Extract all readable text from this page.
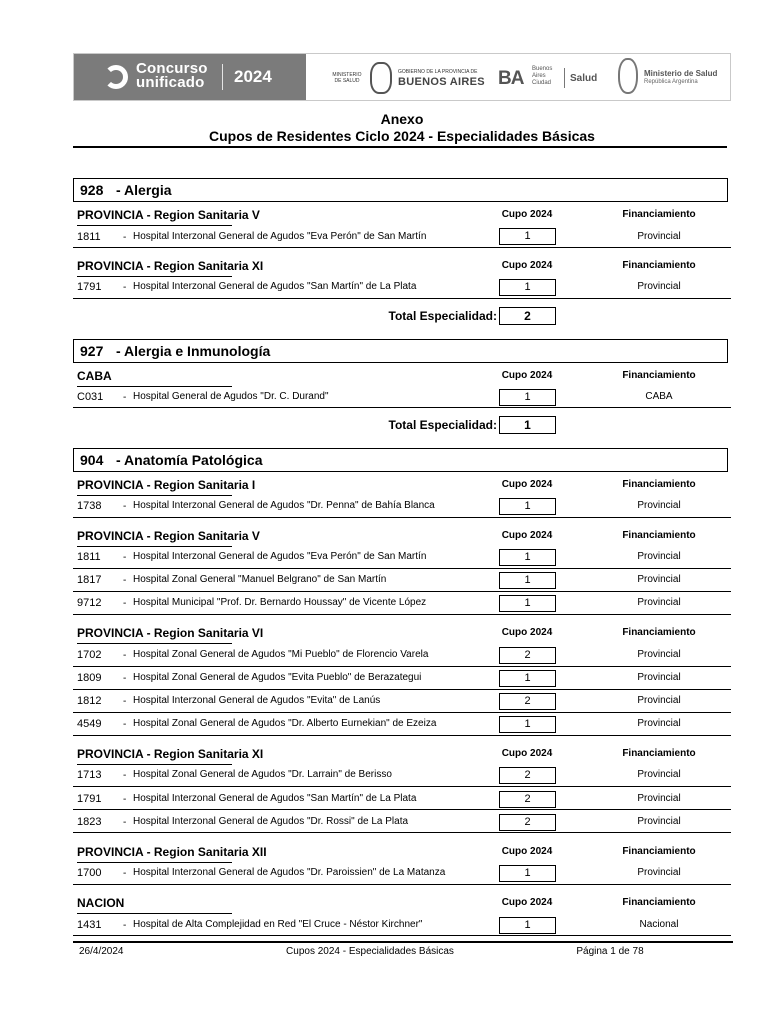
Concurso
unificado 2024	MINISTERIO DE SALUD
GOBIERNO DE LA PROVINCIA DE
BUENOS AIRES BA Buenos
Aires
Ciudad Salud	Ministerio de Salud
República Argentina
Anexo
Cupos de Residentes Ciclo 2024 - Especialidades Básicas
928 - Alergia
PROVINCIA - Region Sanitaria V	Cupo 2024	Financiamiento
1811 - Hospital Interzonal General de Agudos "Eva Perón" de San Martín	1	Provincial
PROVINCIA - Region Sanitaria XI	Cupo 2024	Financiamiento
1791 - Hospital Interzonal General de Agudos "San Martín" de La Plata	1	Provincial
Total Especialidad:	2
927 - Alergia e Inmunología
CABA	Cupo 2024	Financiamiento
C031 - Hospital General de Agudos "Dr. C. Durand"	1	CABA
Total Especialidad:	1
904 - Anatomía Patológica
PROVINCIA - Region Sanitaria I	Cupo 2024	Financiamiento
1738 - Hospital Interzonal General de Agudos "Dr. Penna" de Bahía Blanca	1	Provincial
PROVINCIA - Region Sanitaria V	Cupo 2024	Financiamiento
1811 - Hospital Interzonal General de Agudos "Eva Perón" de San Martín	1	Provincial
1817 - Hospital Zonal General "Manuel Belgrano" de San Martín	1	Provincial
9712 - Hospital Municipal "Prof. Dr. Bernardo Houssay" de Vicente López	1	Provincial
PROVINCIA - Region Sanitaria VI	Cupo 2024	Financiamiento
1702 - Hospital Zonal General de Agudos "Mi Pueblo" de Florencio Varela	2	Provincial
1809 - Hospital Zonal General de Agudos "Evita Pueblo" de Berazategui	1	Provincial
1812 - Hospital Interzonal General de Agudos "Evita" de Lanús	2	Provincial
4549 - Hospital Zonal General de Agudos "Dr. Alberto Eurnekian" de Ezeiza	1	Provincial
PROVINCIA - Region Sanitaria XI	Cupo 2024	Financiamiento
1713 - Hospital Zonal General de Agudos "Dr. Larrain" de Berisso	2	Provincial
1791 - Hospital Interzonal General de Agudos "San Martín" de La Plata	2	Provincial
1823 - Hospital Interzonal General de Agudos "Dr. Rossi" de La Plata	2	Provincial
PROVINCIA - Region Sanitaria XII	Cupo 2024	Financiamiento
1700 - Hospital Interzonal General de Agudos "Dr. Paroissien" de La Matanza	1	Provincial
NACION	Cupo 2024	Financiamiento
1431 - Hospital de Alta Complejidad en Red "El Cruce - Néstor Kirchner"	1	Nacional
26/4/2024	Cupos 2024 - Especialidades Básicas	Página 1 de 78
